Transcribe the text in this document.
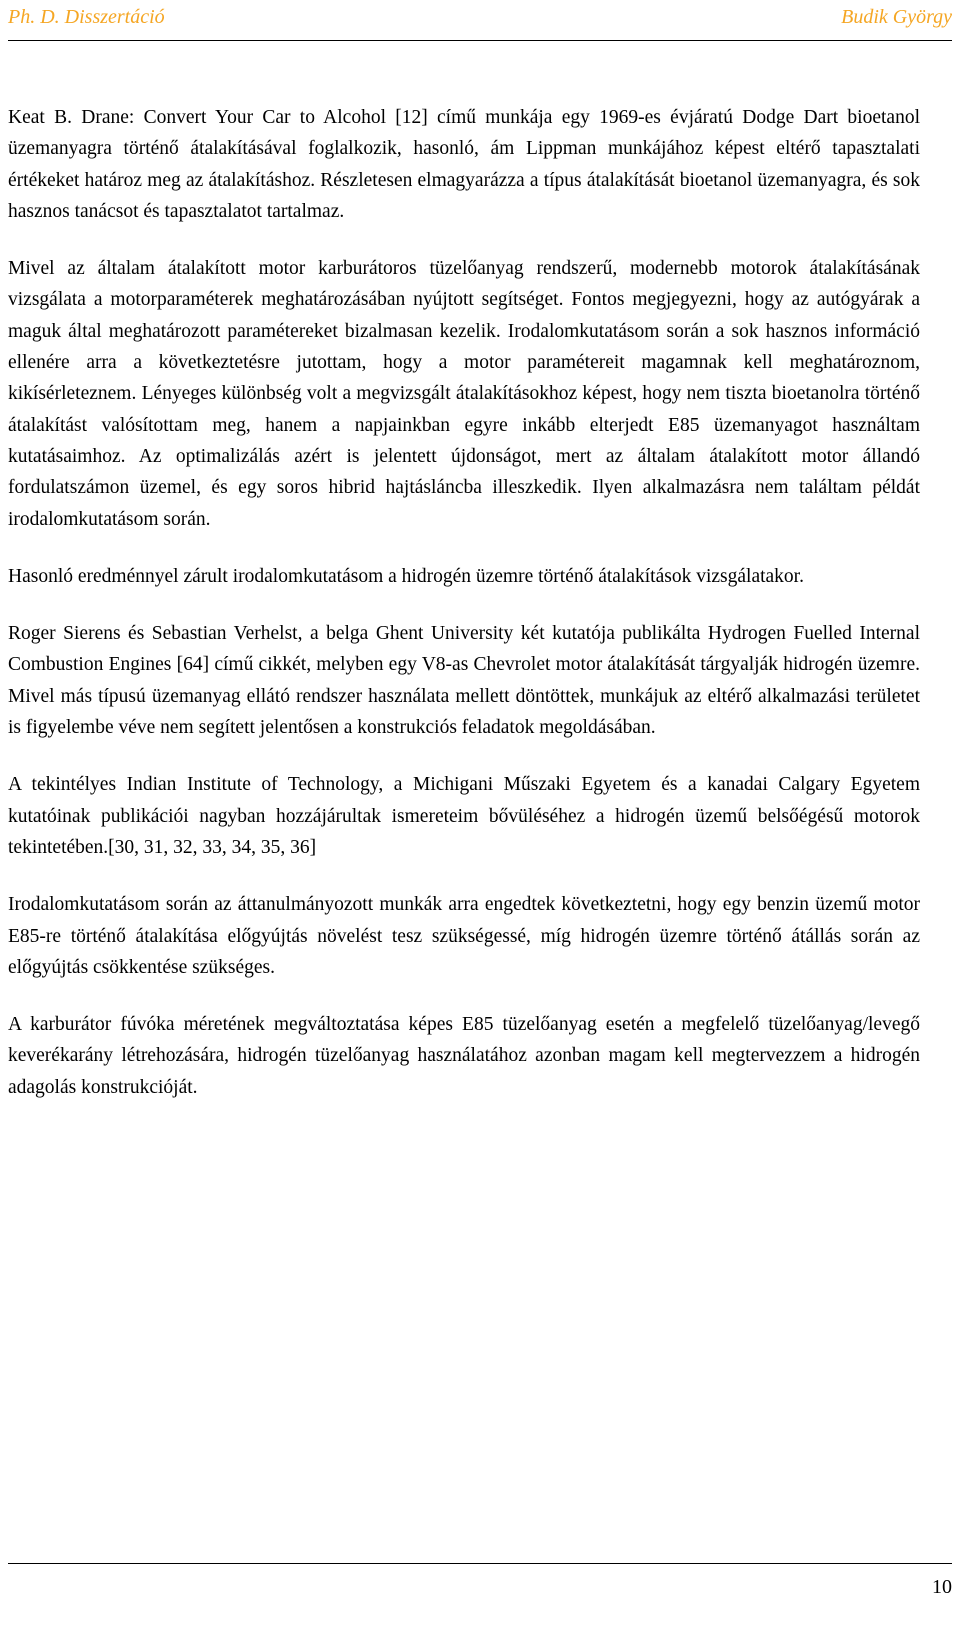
Ph. D. Disszertáció	Budik György

Keat B. Drane: Convert Your Car to Alcohol [12] című munkája egy 1969-es évjáratú Dodge Dart bioetanol üzemanyagra történő átalakításával foglalkozik, hasonló, ám Lippman munkájához képest eltérő tapasztalati értékeket határoz meg az átalakításhoz. Részletesen elmagyarázza a típus átalakítását bioetanol üzemanyagra, és sok hasznos tanácsot és tapasztalatot tartalmaz.

Mivel az általam átalakított motor karburátoros tüzelőanyag rendszerű, modernebb motorok átalakításának vizsgálata a motorparaméterek meghatározásában nyújtott segítséget. Fontos megjegyezni, hogy az autógyárak a maguk által meghatározott paramétereket bizalmasan kezelik. Irodalomkutatásom során a sok hasznos információ ellenére arra a következtetésre jutottam, hogy a motor paramétereit magamnak kell meghatároznom, kikísérleteznem. Lényeges különbség volt a megvizsgált átalakításokhoz képest, hogy nem tiszta bioetanolra történő átalakítást valósítottam meg, hanem a napjainkban egyre inkább elterjedt E85 üzemanyagot használtam kutatásaimhoz. Az optimalizálás azért is jelentett újdonságot, mert az általam átalakított motor állandó fordulatszámon üzemel, és egy soros hibrid hajtásláncba illeszkedik. Ilyen alkalmazásra nem találtam példát irodalomkutatásom során.

Hasonló eredménnyel zárult irodalomkutatásom a hidrogén üzemre történő átalakítások vizsgálatakor.

Roger Sierens és Sebastian Verhelst, a belga Ghent University két kutatója publikálta Hydrogen Fuelled Internal Combustion Engines [64] című cikkét, melyben egy V8-as Chevrolet motor átalakítását tárgyalják hidrogén üzemre. Mivel más típusú üzemanyag ellátó rendszer használata mellett döntöttek, munkájuk az eltérő alkalmazási területet is figyelembe véve nem segített jelentősen a konstrukciós feladatok megoldásában.

A tekintélyes Indian Institute of Technology, a Michigani Műszaki Egyetem és a kanadai Calgary Egyetem kutatóinak publikációi nagyban hozzájárultak ismereteim bővüléséhez a hidrogén üzemű belsőégésű motorok tekintetében.[30, 31, 32, 33, 34, 35, 36]

Irodalomkutatásom során az áttanulmányozott munkák arra engedtek következtetni, hogy egy benzin üzemű motor E85-re történő átalakítása előgyújtás növelést tesz szükségessé, míg hidrogén üzemre történő átállás során az előgyújtás csökkentése szükséges.

A karburátor fúvóka méretének megváltoztatása képes E85 tüzelőanyag esetén a megfelelő tüzelőanyag/levegő keverékarány létrehozására, hidrogén tüzelőanyag használatához azonban magam kell megtervezzem a hidrogén adagolás konstrukcióját.

10
